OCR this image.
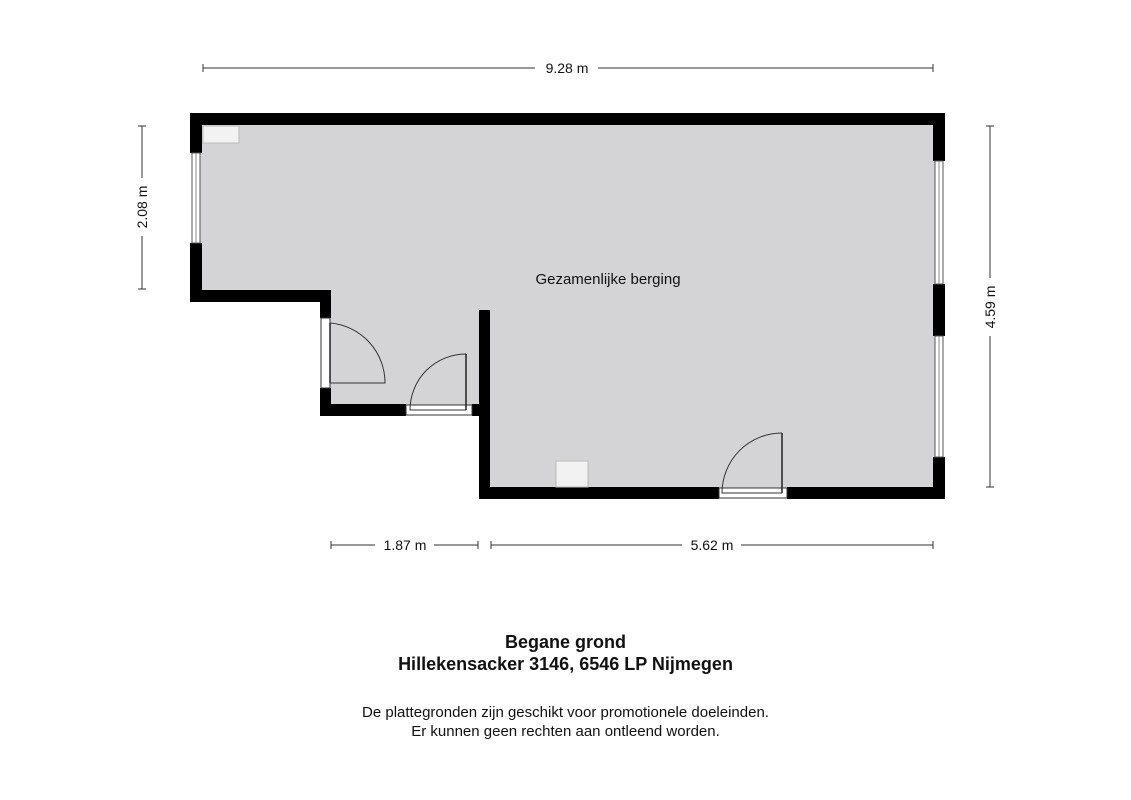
Gezamenlijke berging
9.28 m
2.08 m
4.59 m
1.87 m	5.62 m
Begane grond
Hillekensacker 3146, 6546 LP Nijmegen
De plattegronden zijn geschikt voor promotionele doeleinden.
Er kunnen geen rechten aan ontleend worden.
